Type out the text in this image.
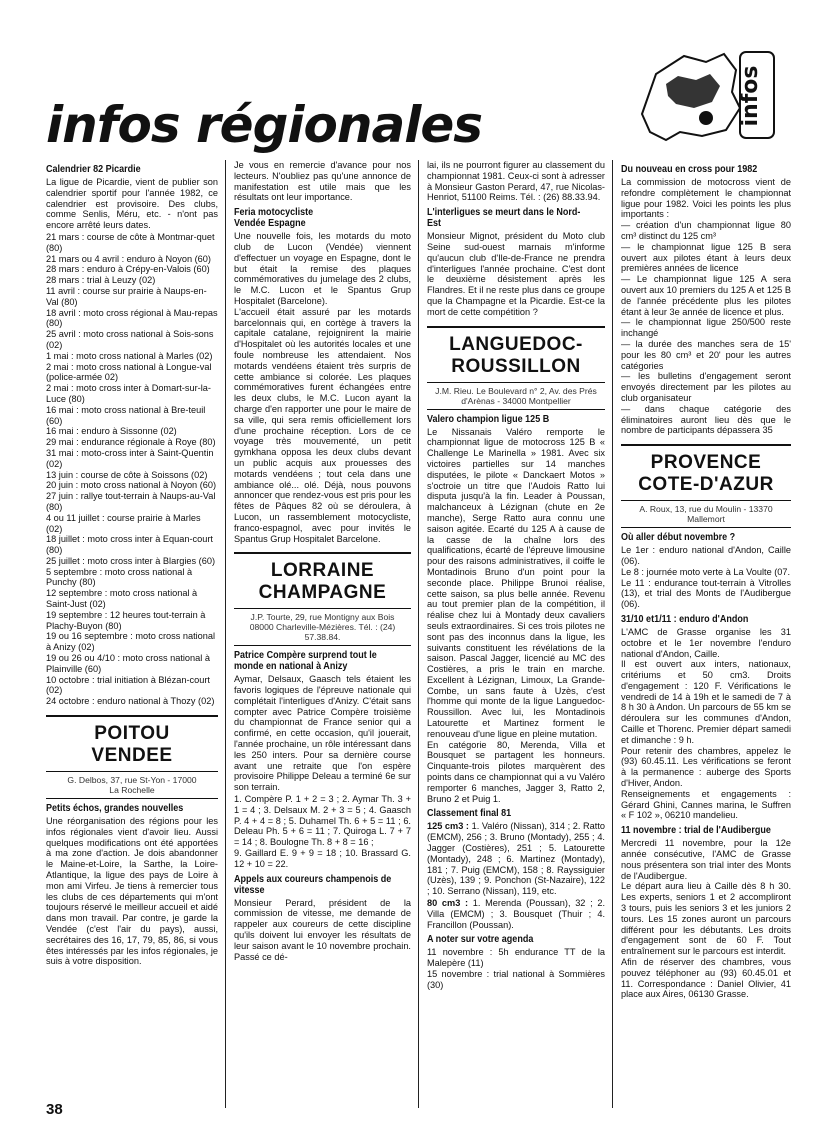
infos régionales	infos
Calendrier 82 Picardie

La ligue de Picardie, vient de publier son calendrier sportif pour l'année 1982, ce calendrier est provisoire. Des clubs, comme Senlis, Méru, etc. - n'ont pas encore arrêté leurs dates.

21 mars : course de côte à Montmar-quet (80)
21 mars ou 4 avril : enduro à Noyon (60)
28 mars : enduro à Crépy-en-Valois (60)
28 mars : trial à Leuzy (02)
11 avril : course sur prairie à Naups-en-Val (80)
18 avril : moto cross régional à Mau-repas (80)
25 avril : moto cross national à Sois-sons (02)
1 mai : moto cross national à Marles (02)
2 mai : moto cross national à Longue-val (police-armée 02)
2 mai : moto cross inter à Domart-sur-la-Luce (80)
16 mai : moto cross national à Bre-teuil (60)
16 mai : enduro à Sissonne (02)
29 mai : endurance régionale à Roye (80)
31 mai : moto-cross inter à Saint-Quentin (02)
13 juin : course de côte à Soissons (02)
20 juin : moto cross national à Noyon (60)
27 juin : rallye tout-terrain à Naups-au-Val (80)
4 ou 11 juillet : course prairie à Marles (02)
18 juillet : moto cross inter à Equan-court (80)
25 juillet : moto cross inter à Blargies (60)
5 septembre : moto cross national à Punchy (80)
12 septembre : moto cross national à Saint-Just (02)
19 septembre : 12 heures tout-terrain à Plachy-Buyon (80)
19 ou 16 septembre : moto cross national à Anizy (02)
19 ou 26 ou 4/10 : moto cross national à Plainville (60)
10 octobre : trial initiation à Blézan-court (02)
24 octobre : enduro national à Thozy (02)

POITOU
VENDEE
G. Delbos, 37, rue St-Yon - 17000
La Rochelle
Petits échos, grandes nouvelles

Une réorganisation des régions pour les infos régionales vient d'avoir lieu. Aussi quelques modifications ont été apportées à ma zone d'action. Je dois abandonner le Maine-et-Loire, la Sarthe, la Loire-Atlantique, la ligue des pays de Loire à mon ami Virfeu. Je tiens à remercier tous les clubs de ces départements qui m'ont toujours réservé le meilleur accueil et aidé dans mon travail. Par contre, je garde la Vendée (c'est l'air du pays), aussi, secrétaires des 16, 17, 79, 85, 86, si vous êtes intéressés par les infos régionales, je suis à votre disposition.

Je vous en remercie d'avance pour nos lecteurs. N'oubliez pas qu'une annonce de manifestation est utile mais que les résultats ont leur importance.

Feria motocycliste
Vendée Espagne

Une nouvelle fois, les motards du moto club de Lucon (Vendée) viennent d'effectuer un voyage en Espagne, dont le but était la remise des plaques commémoratives du jumelage des 2 clubs, le M.C. Lucon et le Spantus Grup Hospitalet (Barcelone).
L'accueil était assuré par les motards barcelonnais qui, en cortège à travers la capitale catalane, rejoignirent la mairie d'Hospitalet où les autorités locales et une foule nombreuse les attendaient. Nos motards vendéens étaient très surpris de cette ambiance si colorée. Les plaques commémoratives furent échangées entre les deux clubs, le M.C. Lucon ayant la charge d'en rapporter une pour le maire de sa ville, qui sera remis officiellement lors d'une prochaine réception. Lors de ce voyage très mouvementé, un petit gymkhana opposa les deux clubs devant un public acquis aux prouesses des motards vendéens ; tout cela dans une ambiance olé... olé. Déjà, nous pouvons annoncer que rendez-vous est pris pour les fêtes de Pâques 82 où se déroulera, à Lucon, un rassemblement motocycliste, franco-espagnol, avec pour invités le Spantus Grup Hospitalet Barcelone.

LORRAINE
CHAMPAGNE
J.P. Tourte, 29, rue Montigny aux Bois
08000 Charleville-Mézières. Tél. : (24)
57.38.84.
Patrice Compère surprend tout le monde en national à Anizy

Aymar, Delsaux, Gaasch tels étaient les favoris logiques de l'épreuve nationale qui complétait l'interligues d'Anizy. C'était sans compter avec Patrice Compère troisième du championnat de France senior qui a confirmé, en cette occasion, qu'il jouerait, l'année prochaine, un rôle intéressant dans les 250 inters. Pour sa dernière course avant une retraite que l'on espère provisoire Philippe Deleau a terminé 6e sur son terrain.

1. Compère P. 1 + 2 = 3 ; 2. Aymar Th. 3 + 1 = 4 ; 3. Delsaux M. 2 + 3 = 5 ; 4. Gaasch P. 4 + 4 = 8 ; 5. Duhamel Th. 6 + 5 = 11 ; 6. Deleau Ph. 5 + 6 = 11 ; 7. Quiroga L. 7 + 7 = 14 ; 8. Boulogne Th. 8 + 8 = 16 ;
9. Gaillard E. 9 + 9 = 18 ; 10. Brassard G. 12 + 10 = 22.

Appels aux coureurs champenois de vitesse

Monsieur Perard, président de la commission de vitesse, me demande de rappeler aux coureurs de cette discipline qu'ils doivent lui envoyer les résultats de leur saison avant le 10 novembre prochain. Passé ce dé-

lai, ils ne pourront figurer au classement du championnat 1981. Ceux-ci sont à adresser à Monsieur Gaston Perard, 47, rue Nicolas-Henriot, 51100 Reims. Tél. : (26) 88.33.94.

L'interligues se meurt dans le Nord-Est

Monsieur Mignot, président du Moto club Seine sud-ouest marnais m'informe qu'aucun club d'Ile-de-France ne prendra d'interligues l'année prochaine. C'est dont le deuxième désistement après les Flandres. Et il ne reste plus dans ce groupe que la Champagne et la Picardie. Est-ce la mort de cette compétition ?

LANGUEDOC-
ROUSSILLON
J.M. Rieu. Le Boulevard n° 2, Av. des Prés
d'Arènas - 34000 Montpellier
Valero champion ligue 125 B

Le Nissanais Valéro remporte le championnat ligue de motocross 125 B « Challenge Le Marinella » 1981. Avec six victoires partielles sur 14 manches disputées, le pilote « Danckaert Motos » s'octroie un titre que l'Audois Ratto lui disputa jusqu'à la fin. Leader à Poussan, malchanceux à Lézignan (chute en 2e manche), Serge Ratto aura connu une saison agitée. Ecarté du 125 A à cause de la casse de la chaîne lors des qualifications, écarté de l'épreuve limousine pour des raisons administratives, il coiffe le Montadinois Bruno d'un point pour la seconde place. Philippe Brunoi réalise, cette saison, sa plus belle année. Revenu au tout premier plan de la compétition, il réalise chez lui à Montady deux cavaliers seuls extraordinaires. Si ces trois pilotes ne sont pas des inconnus dans la ligue, les suivants constituent les révélations de la saison. Pascal Jagger, licencié au MC des Costières, a pris le train en marche. Excellent à Lézignan, Limoux, La Grande-Combe, un sans faute à Uzès, c'est l'homme qui monte de la ligue Languedoc-Roussillon. Avec lui, les Montadinois Latourette et Martinez forment le renouveau d'une ligue en pleine mutation.
En catégorie 80, Merenda, Villa et Bousquet se partagent les honneurs. Cinquante-trois pilotes marquèrent des points dans ce championnat qui a vu Valéro remporter 6 manches, Jagger 3, Ratto 2, Bruno 2 et Puig 1.

Classement final 81

125 cm3 : 1. Valéro (Nissan), 314 ; 2. Ratto (EMCM), 256 ; 3. Bruno (Montady), 255 ; 4. Jagger (Costières), 251 ; 5. Latourette (Montady), 248 ; 6. Martinez (Montady), 181 ; 7. Puig (EMCM), 158 ; 8. Rayssiguier (Uzès), 139 ; 9. Ponchon (St-Nazaire), 122 ; 10. Serrano (Nissan), 119, etc.

80 cm3 : 1. Merenda (Poussan), 32 ; 2. Villa (EMCM) ; 3. Bousquet (Thuir ; 4. Francillon (Poussan).

A noter sur votre agenda

11 novembre : 5h endurance TT de la Malepère (11)
15 novembre : trial national à Sommières (30)

Du nouveau en cross pour 1982

La commission de motocross vient de refondre complètement le championnat ligue pour 1982. Voici les points les plus importants :
— création d'un championnat ligue 80 cm³ distinct du 125 cm³
— le championnat ligue 125 B sera ouvert aux pilotes étant à leurs deux premières années de licence
— Le championnat ligue 125 A sera ouvert aux 10 premiers du 125 A et 125 B de l'année précédente plus les pilotes étant à leur 3e année de licence et plus.
— le championnat ligue 250/500 reste inchangé
— la durée des manches sera de 15' pour les 80 cm³ et 20' pour les autres catégories
— les bulletins d'engagement seront envoyés directement par les pilotes au club organisateur
— dans chaque catégorie des éliminatoires auront lieu dès que le nombre de participants dépassera 35

PROVENCE
COTE-D'AZUR
A. Roux, 13, rue du Moulin - 13370
Mallemort
Où aller début novembre ?

Le 1er : enduro national d'Andon, Caille (06).
Le 8 : journée moto verte à La Voulte (07.
Le 11 : endurance tout-terrain à Vitrolles (13), et trial des Monts de l'Audibergue (06).

31/10 et1/11 : enduro d'Andon

L'AMC de Grasse organise les 31 octobre et le 1er novembre l'enduro national d'Andon, Caille.
Il est ouvert aux inters, nationaux, critériums et 50 cm3. Droits d'engagement : 120 F. Vérifications le vendredi de 14 à 19h et le samedi de 7 à 8 h 30 à Andon. Un parcours de 55 km se déroulera sur les communes d'Andon, Caille et Thorenc. Premier départ samedi et dimanche : 9 h.
Pour retenir des chambres, appelez le (93) 60.45.11. Les vérifications se feront à la permanence : auberge des Sports d'Hiver, Andon.
Renseignements et engagements : Gérard Ghini, Cannes marina, le Suffren « F 102 », 06210 mandelieu.

11 novembre : trial de l'Audibergue

Mercredi 11 novembre, pour la 12e année consécutive, l'AMC de Grasse nous présentera son trial inter des Monts de l'Audibergue.
Le départ aura lieu à Caille dès 8 h 30. Les experts, seniors 1 et 2 accompliront 3 tours, puis les seniors 3 et les juniors 2 tours. Les 15 zones auront un parcours différent pour les débutants. Les droits d'engagement sont de 60 F. Tout entraînement sur le parcours est interdit.
Afin de réserver des chambres, vous pouvez téléphoner au (93) 60.45.01 et 11. Correspondance : Daniel Olivier, 41 place aux Aires, 06130 Grasse.

38
